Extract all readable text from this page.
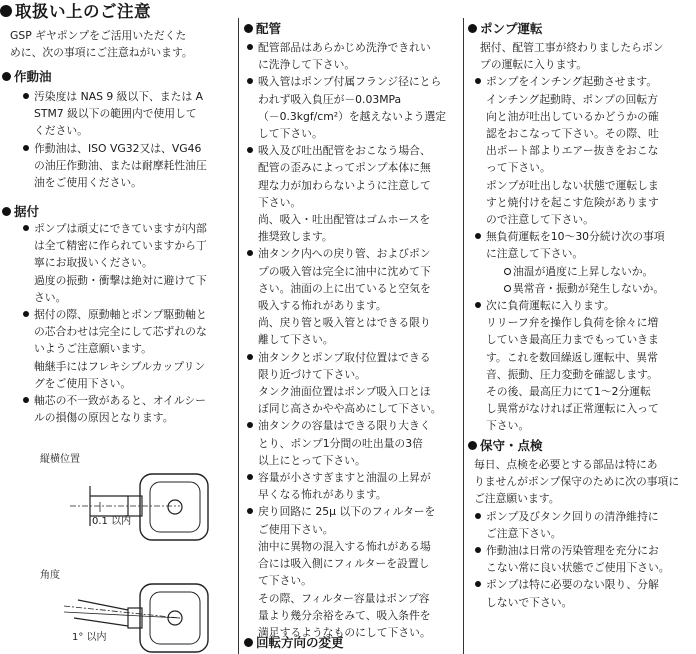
取扱い上のご注意

GSP ギヤポンプをご活用いただくた

めに、次の事項にご注意ねがいます。

作動油

汚染度は NAS 9 級以下、または A

STM7 級以下の範囲内で使用して

ください。

作動油は、ISO VG32又は、VG46

の油圧作動油、または耐摩耗性油圧

油をご使用ください。

据付

ポンプは頑丈にできていますが内部

は全て精密に作られていますから丁

寧にお取扱いください。

過度の振動・衝撃は絶対に避けて下

さい。

据付の際、原動軸とポンプ駆動軸と

の芯合わせは完全にして芯ずれのな

いようご注意願います。

軸継手にはフレキシブルカップリン

グをご使用下さい。

軸芯の不一致があると、オイルシー

ルの損傷の原因となります。

縦横位置
0.1 以内
角度
1° 以内
配管

配管部品はあらかじめ洗浄できれい

に洗浄して下さい。

吸入管はポンプ付属フランジ径にとら

われず吸入負圧が－0.03MPa

（－0.3kgf/cm²）を越えないよう選定

して下さい。

吸入及び吐出配管をおこなう場合、

配管の歪みによってポンプ本体に無

理な力が加わらないように注意して

下さい。

尚、吸入・吐出配管はゴムホースを

推奨致します。

油タンク内への戻り管、およびポン

プの吸入管は完全に油中に沈めて下

さい。油面の上に出ていると空気を

吸入する怖れがあります。

尚、戻り管と吸入管とはできる限り

離して下さい。

油タンクとポンプ取付位置はできる

限り近づけて下さい。

タンク油面位置はポンプ吸入口とほ

ぼ同じ高さかやや高めにして下さい。

油タンクの容量はできる限り大きく

とり、ポンプ1分間の吐出量の3倍

以上にとって下さい。

容量が小さすぎますと油温の上昇が

早くなる怖れがあります。

戻り回路に 25μ 以下のフィルターを

ご使用下さい。

油中に異物の混入する怖れがある場

合には吸入側にフィルターを設置し

て下さい。

その際、フィルター容量はポンプ容

量より幾分余裕をみて、吸入条件を

満足するようなものにして下さい。

回転方向の変更
ポンプ運転

据付、配管工事が終わりましたらポン

プの運転に入ります。

ポンプをインチング起動させます。

インチング起動時、ポンプの回転方

向と油が吐出しているかどうかの確

認をおこなって下さい。その際、吐

出ポート部よりエアー抜きをおこな

って下さい。

ポンプが吐出しない状態で運転しま

すと焼付けを起こす危険があります

ので注意して下さい。

無負荷運転を10～30分続け次の事項

に注意して下さい。

油温が過度に上昇しないか。

異常音・振動が発生しないか。

次に負荷運転に入ります。

リリーフ弁を操作し負荷を徐々に増

していき最高圧力までもっていきま

す。これを数回繰返し運転中、異常

音、振動、圧力変動を確認します。

その後、最高圧力にて1～2分運転

し異常がなければ正常運転に入って

下さい。

保守・点検

毎日、点検を必要とする部品は特にあ

りませんがポンプ保守のために次の事項に

ご注意願います。

ポンプ及びタンク回りの清浄維持に

ご注意下さい。

作動油は日常の汚染管理を充分にお

こない常に良い状態でご使用下さい。

ポンプは特に必要のない限り、分解

しないで下さい。
